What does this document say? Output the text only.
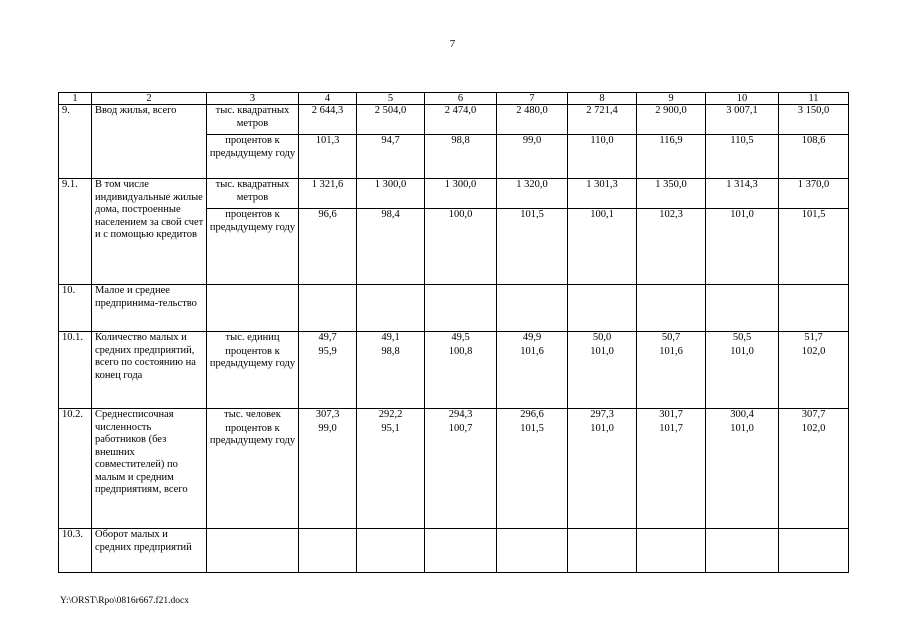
7
1	2	3	4	5	6	7	8	9	10	11
9.	Ввод жилья, всего	тыс. квадратных метров	2 644,3	2 504,0	2 474,0	2 480,0	2 721,4	2 900,0	3 007,1	3 150,0
		процентов к предыдущему году	101,3	94,7	98,8	99,0	110,0	116,9	110,5	108,6
9.1.	В том числе индивидуальные жилые дома, построенные населением за свой счет и с помощью кредитов	тыс. квадратных метров	1 321,6	1 300,0	1 300,0	1 320,0	1 301,3	1 350,0	1 314,3	1 370,0
		процентов к предыдущему году	96,6	98,4	100,0	101,5	100,1	102,3	101,0	101,5
10.	Малое и среднее предпринима-тельство									
10.1.	Количество малых и средних предприятий, всего по состоянию на конец года	тыс. единиц	49,7	49,1	49,5	49,9	50,0	50,7	50,5	51,7
		процентов к предыдущему году	95,9	98,8	100,8	101,6	101,0	101,6	101,0	102,0
10.2.	Среднесписочная численность работников (без внешних совместителей) по малым и средним предприятиям, всего	тыс. человек	307,3	292,2	294,3	296,6	297,3	301,7	300,4	307,7
		процентов к предыдущему году	99,0	95,1	100,7	101,5	101,0	101,7	101,0	102,0
10.3.	Оборот малых и средних предприятий									
Y:\ORST\Rpo\0816r667.f21.docx
